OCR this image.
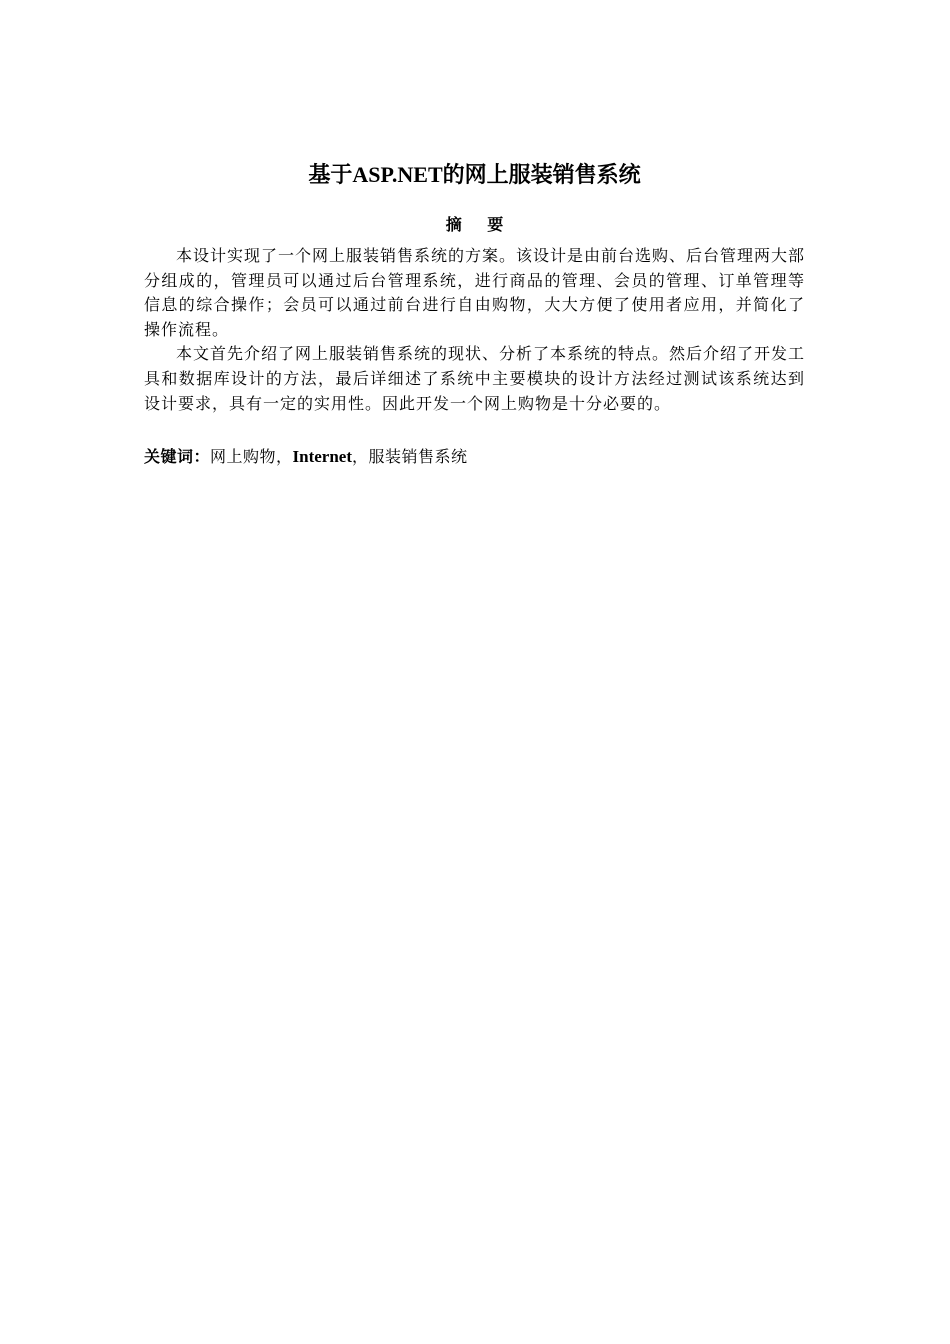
基于ASP.NET的网上服装销售系统
摘 要

本设计实现了一个网上服装销售系统的方案。该设计是由前台选购、后台管理两大部分组成的，管理员可以通过后台管理系统，进行商品的管理、会员的管理、订单管理等信息的综合操作；会员可以通过前台进行自由购物，大大方便了使用者应用，并简化了操作流程。

本文首先介绍了网上服装销售系统的现状、分析了本系统的特点。然后介绍了开发工具和数据库设计的方法，最后详细述了系统中主要模块的设计方法经过测试该系统达到设计要求，具有一定的实用性。因此开发一个网上购物是十分必要的。

关键词：网上购物，Internet，服装销售系统
